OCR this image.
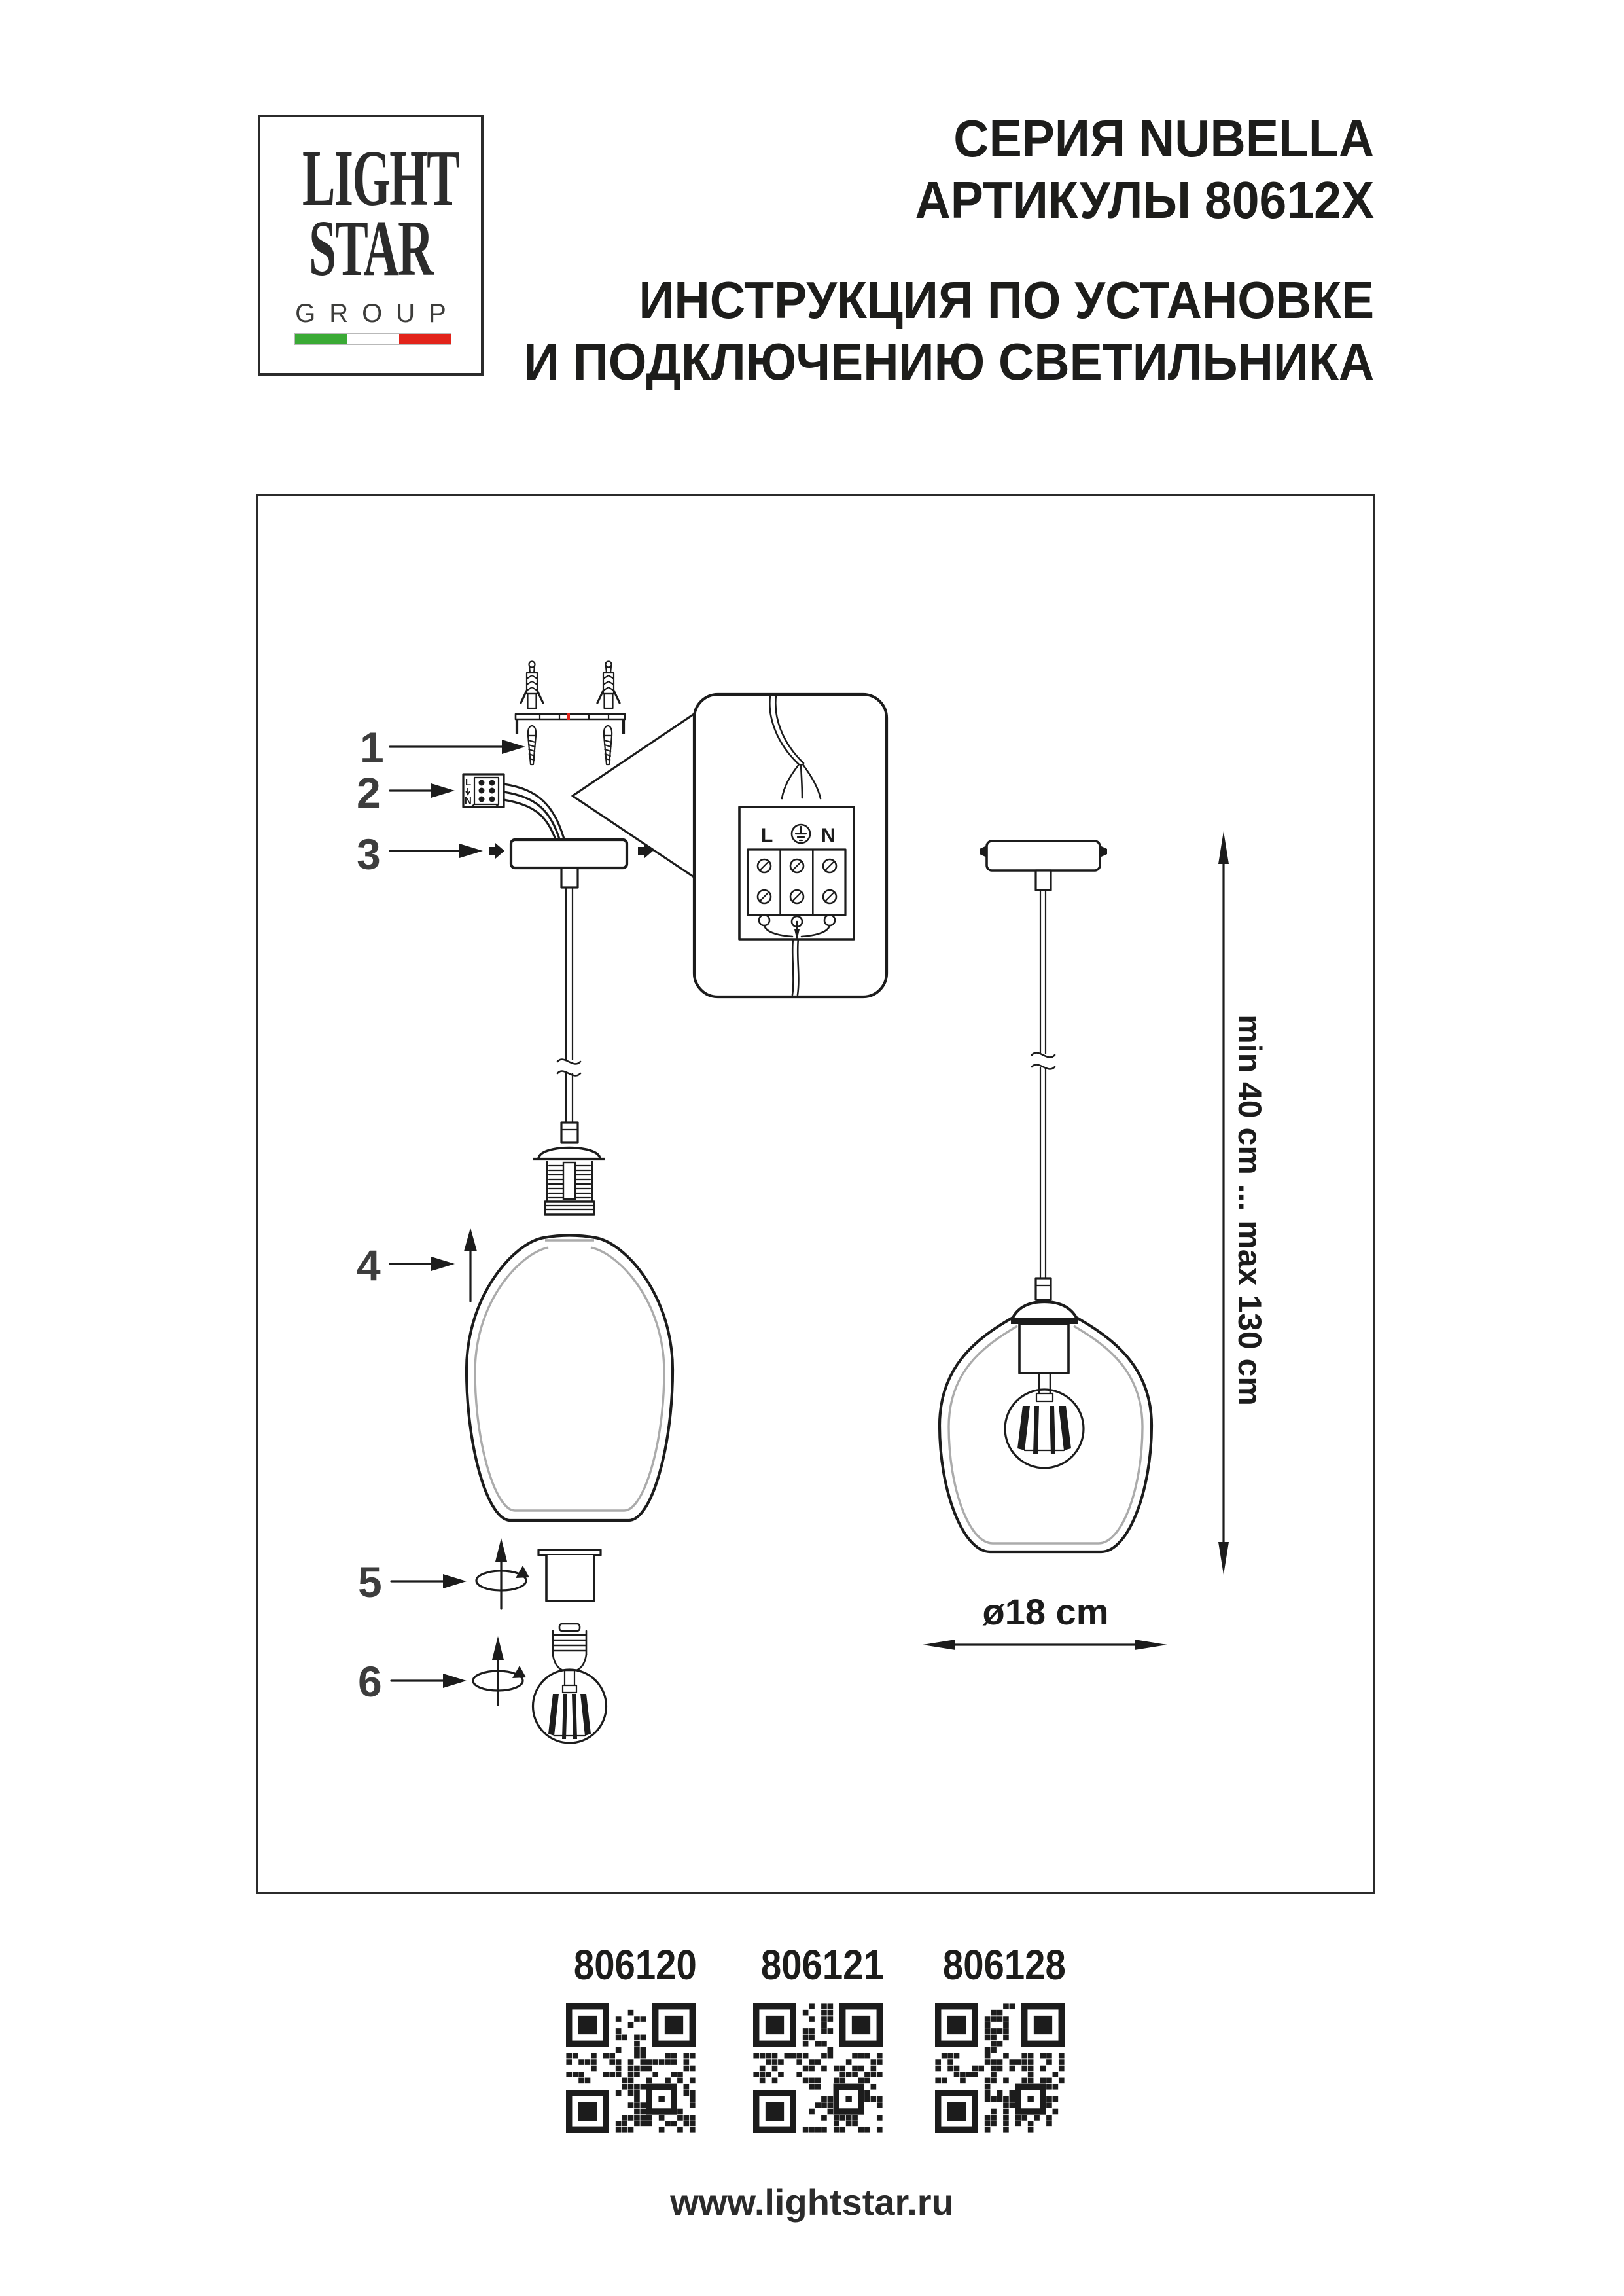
LIGHT
STAR
GROUP
СЕРИЯ NUBELLA
АРТИКУЛЫ 80612X
ИНСТРУКЦИЯ ПО УСТАНОВКЕ
И ПОДКЛЮЧЕНИЮ СВЕТИЛЬНИКА
1
2
3
4
5
6
L
N
L N
min 40 cm ... max 130 cm
ø18 cm
806120 806121 806128
www.lightstar.ru
